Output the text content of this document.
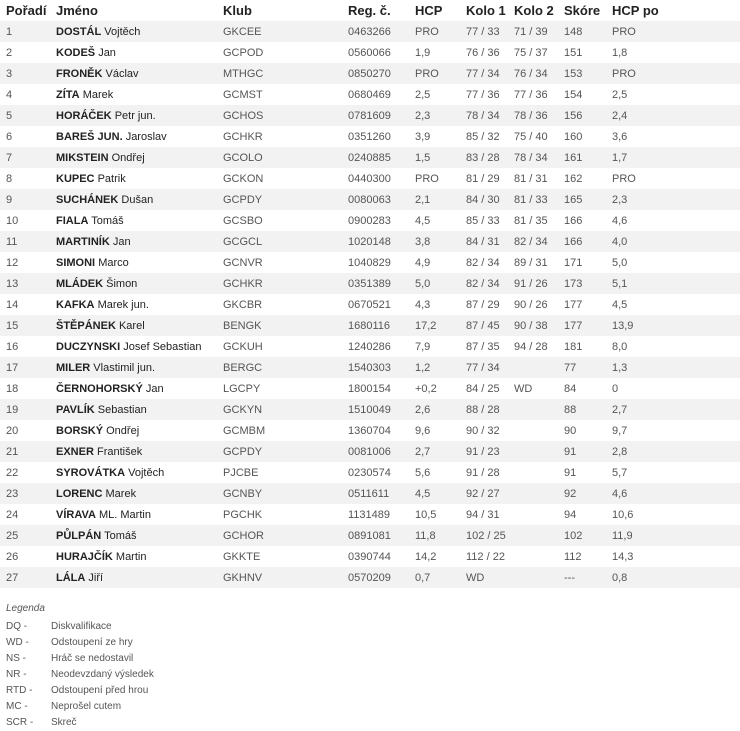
Pořadí	Jméno	Klub	Reg. č.	HCP	Kolo 1	Kolo 2	Skóre	HCP po
1	DOSTÁL Vojtěch	GKCEE	0463266	PRO	77 / 33	71 / 39	148	PRO
2	KODEŠ Jan	GCPOD	0560066	1,9	76 / 36	75 / 37	151	1,8
3	FRONĚK Václav	MTHGC	0850270	PRO	77 / 34	76 / 34	153	PRO
4	ZÍTA Marek	GCMST	0680469	2,5	77 / 36	77 / 36	154	2,5
5	HORÁČEK Petr jun.	GCHOS	0781609	2,3	78 / 34	78 / 36	156	2,4
6	BAREŠ JUN. Jaroslav	GCHKR	0351260	3,9	85 / 32	75 / 40	160	3,6
7	MIKSTEIN Ondřej	GCOLO	0240885	1,5	83 / 28	78 / 34	161	1,7
8	KUPEC Patrik	GCKON	0440300	PRO	81 / 29	81 / 31	162	PRO
9	SUCHÁNEK Dušan	GCPDY	0080063	2,1	84 / 30	81 / 33	165	2,3
10	FIALA Tomáš	GCSBO	0900283	4,5	85 / 33	81 / 35	166	4,6
11	MARTINÍK Jan	GCGCL	1020148	3,8	84 / 31	82 / 34	166	4,0
12	SIMONI Marco	GCNVR	1040829	4,9	82 / 34	89 / 31	171	5,0
13	MLÁDEK Šimon	GCHKR	0351389	5,0	82 / 34	91 / 26	173	5,1
14	KAFKA Marek jun.	GKCBR	0670521	4,3	87 / 29	90 / 26	177	4,5
15	ŠTĚPÁNEK Karel	BENGK	1680116	17,2	87 / 45	90 / 38	177	13,9
16	DUCZYNSKI Josef Sebastian	GCKUH	1240286	7,9	87 / 35	94 / 28	181	8,0
17	MILER Vlastimil jun.	BERGC	1540303	1,2	77 / 34		77	1,3
18	ČERNOHORSKÝ Jan	LGCPY	1800154	+0,2	84 / 25	WD	84	0
19	PAVLÍK Sebastian	GCKYN	1510049	2,6	88 / 28		88	2,7
20	BORSKÝ Ondřej	GCMBM	1360704	9,6	90 / 32		90	9,7
21	EXNER František	GCPDY	0081006	2,7	91 / 23		91	2,8
22	SYROVÁTKA Vojtěch	PJCBE	0230574	5,6	91 / 28		91	5,7
23	LORENC Marek	GCNBY	0511611	4,5	92 / 27		92	4,6
24	VÍRAVA ML. Martin	PGCHK	1131489	10,5	94 / 31		94	10,6
25	PŮLPÁN Tomáš	GCHOR	0891081	11,8	102 / 25		102	11,9
26	HURAJČÍK Martin	GKKTE	0390744	14,2	112 / 22		112	14,3
27	LÁLA Jiří	GKHNV	0570209	0,7	WD		---	0,8
Legenda
DQ -	Diskvalifikace
WD -	Odstoupení ze hry
NS -	Hráč se nedostavil
NR -	Neodevzdaný výsledek
RTD -	Odstoupení před hrou
MC -	Neprošel cutem
SCR -	Skreč
